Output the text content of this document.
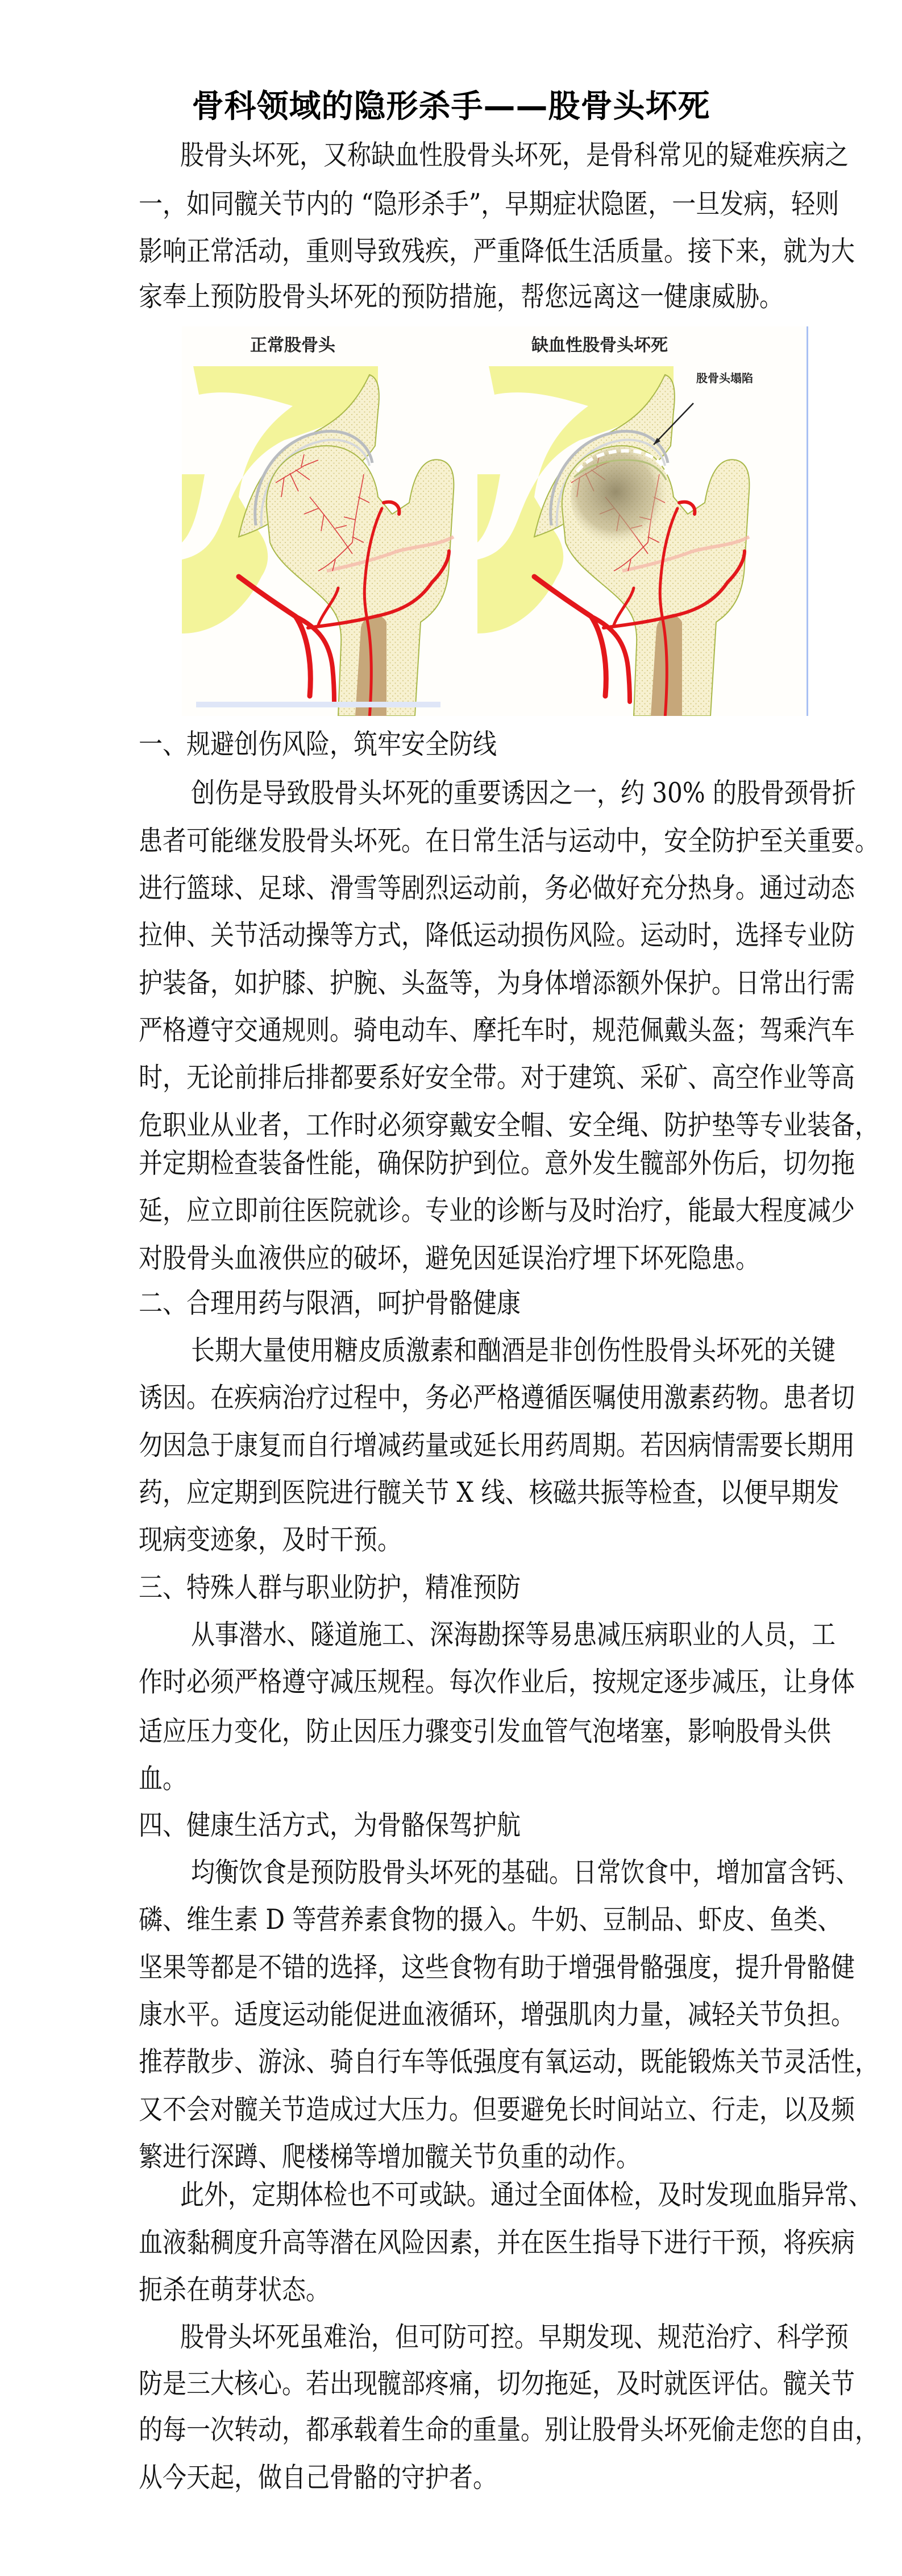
骨科领域的隐形杀手——股骨头坏死
股骨头坏死，又称缺血性股骨头坏死，是骨科常见的疑难疾病之
一，如同髋关节内的 “隐形杀手”，早期症状隐匿，一旦发病，轻则
影响正常活动，重则导致残疾，严重降低生活质量。接下来，就为大
家奉上预防股骨头坏死的预防措施，帮您远离这一健康威胁。
正常股骨头	缺血性股骨头坏死
股骨头塌陷
一、规避创伤风险，筑牢安全防线
创伤是导致股骨头坏死的重要诱因之一，约 30% 的股骨颈骨折
患者可能继发股骨头坏死。在日常生活与运动中，安全防护至关重要。
进行篮球、足球、滑雪等剧烈运动前，务必做好充分热身。通过动态
拉伸、关节活动操等方式，降低运动损伤风险。运动时，选择专业防
护装备，如护膝、护腕、头盔等，为身体增添额外保护。日常出行需
严格遵守交通规则。骑电动车、摩托车时，规范佩戴头盔；驾乘汽车
时，无论前排后排都要系好安全带。对于建筑、采矿、高空作业等高
危职业从业者，工作时必须穿戴安全帽、安全绳、防护垫等专业装备，
并定期检查装备性能，确保防护到位。意外发生髋部外伤后，切勿拖
延，应立即前往医院就诊。专业的诊断与及时治疗，能最大程度减少
对股骨头血液供应的破坏，避免因延误治疗埋下坏死隐患。
二、合理用药与限酒，呵护骨骼健康
长期大量使用糖皮质激素和酗酒是非创伤性股骨头坏死的关键
诱因。在疾病治疗过程中，务必严格遵循医嘱使用激素药物。患者切
勿因急于康复而自行增减药量或延长用药周期。若因病情需要长期用
药，应定期到医院进行髋关节 X 线、核磁共振等检查，以便早期发
现病变迹象，及时干预。
三、特殊人群与职业防护，精准预防
从事潜水、隧道施工、深海勘探等易患减压病职业的人员，工
作时必须严格遵守减压规程。每次作业后，按规定逐步减压，让身体
适应压力变化，防止因压力骤变引发血管气泡堵塞，影响股骨头供
血。
四、健康生活方式，为骨骼保驾护航
均衡饮食是预防股骨头坏死的基础。日常饮食中，增加富含钙、
磷、维生素 D 等营养素食物的摄入。牛奶、豆制品、虾皮、鱼类、
坚果等都是不错的选择，这些食物有助于增强骨骼强度，提升骨骼健
康水平。适度运动能促进血液循环，增强肌肉力量，减轻关节负担。
推荐散步、游泳、骑自行车等低强度有氧运动，既能锻炼关节灵活性，
又不会对髋关节造成过大压力。但要避免长时间站立、行走，以及频
繁进行深蹲、爬楼梯等增加髋关节负重的动作。
此外，定期体检也不可或缺。通过全面体检，及时发现血脂异常、
血液黏稠度升高等潜在风险因素，并在医生指导下进行干预，将疾病
扼杀在萌芽状态。
股骨头坏死虽难治，但可防可控。早期发现、规范治疗、科学预
防是三大核心。若出现髋部疼痛，切勿拖延，及时就医评估。髋关节
的每一次转动，都承载着生命的重量。别让股骨头坏死偷走您的自由，
从今天起，做自己骨骼的守护者。
